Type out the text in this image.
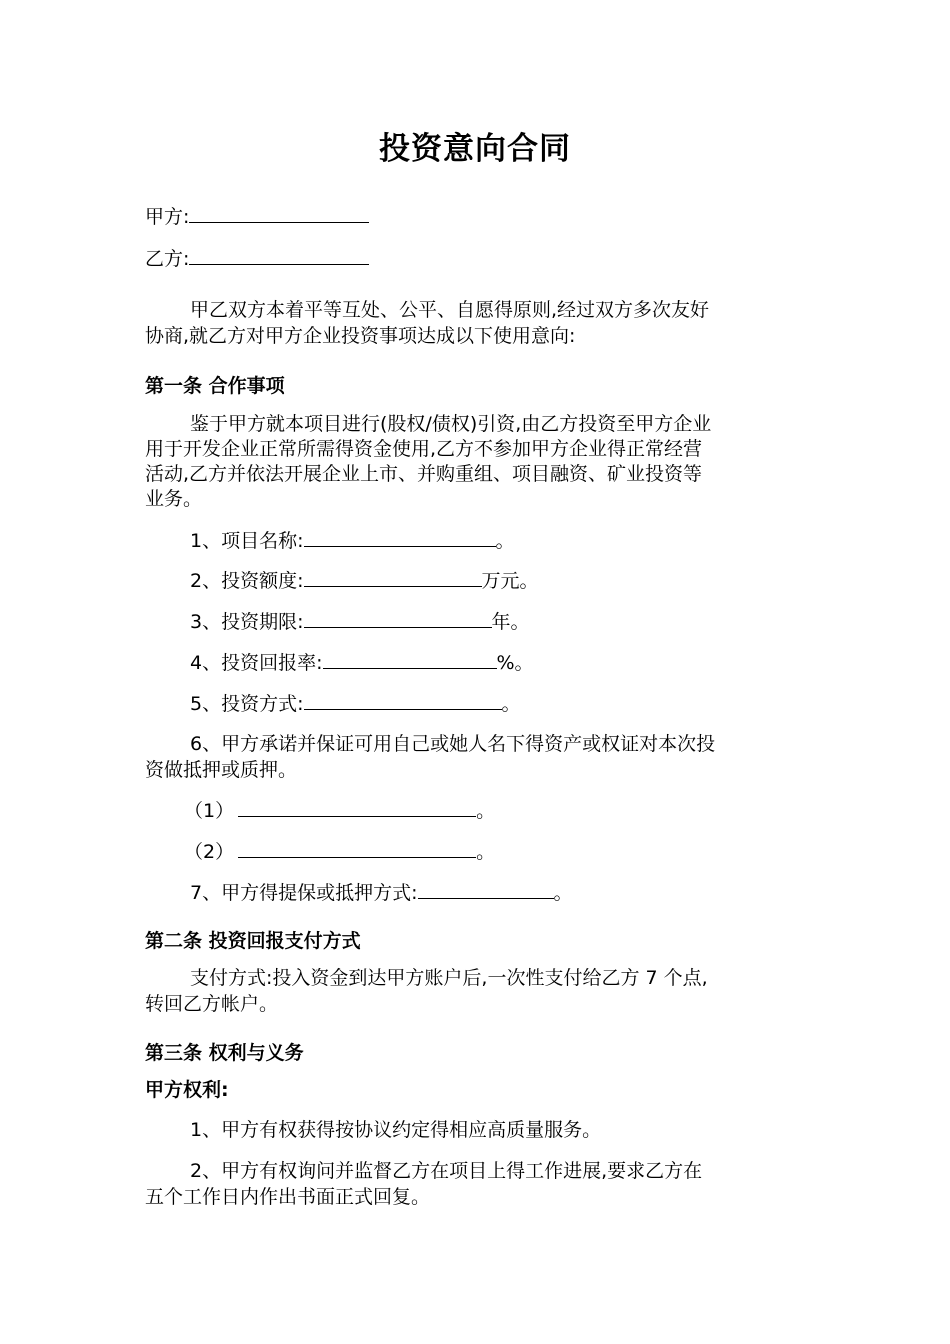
投资意向合同
甲方:
乙方:
甲乙双方本着平等互处、公平、自愿得原则,经过双方多次友好
协商,就乙方对甲方企业投资事项达成以下使用意向:
第一条 合作事项
鉴于甲方就本项目进行(股权/债权)引资,由乙方投资至甲方企业
用于开发企业正常所需得资金使用,乙方不参加甲方企业得正常经营
活动,乙方并依法开展企业上市、并购重组、项目融资、矿业投资等
业务。
1、项目名称:	。
2、投资额度:	万元。
3、投资期限:	年。
4、投资回报率:	%。
5、投资方式:	。
6、甲方承诺并保证可用自己或她人名下得资产或权证对本次投
资做抵押或质押。
（1）	。
（2）	。
7、甲方得提保或抵押方式:	。
第二条 投资回报支付方式
支付方式:投入资金到达甲方账户后,一次性支付给乙方 7 个点,
转回乙方帐户。
第三条 权利与义务
甲方权利:
1、甲方有权获得按协议约定得相应高质量服务。
2、甲方有权询问并监督乙方在项目上得工作进展,要求乙方在
五个工作日内作出书面正式回复。
